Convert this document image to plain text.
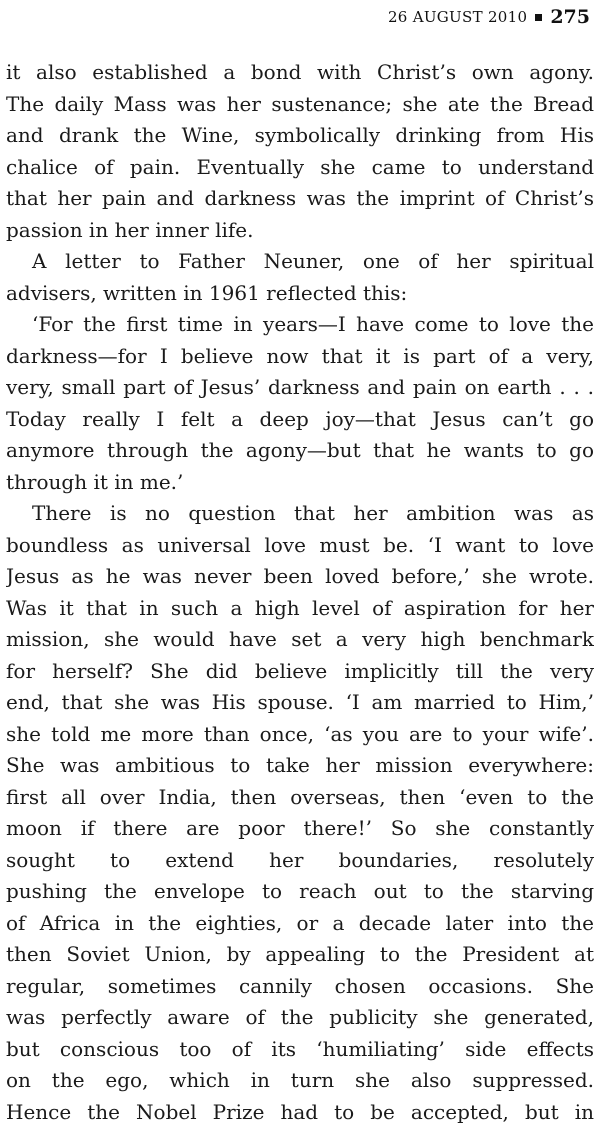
26 AUGUST 2010 275
it also established a bond with Christ’s own agony.
The daily Mass was her sustenance; she ate the Bread
and drank the Wine, symbolically drinking from His
chalice of pain. Eventually she came to understand
that her pain and darkness was the imprint of Christ’s
passion in her inner life.
A letter to Father Neuner, one of her spiritual
advisers, written in 1961 reflected this:
‘For the first time in years—I have come to love the
darkness—for I believe now that it is part of a very,
very, small part of Jesus’ darkness and pain on earth . . .
Today really I felt a deep joy—that Jesus can’t go
anymore through the agony—but that he wants to go
through it in me.’
There is no question that her ambition was as
boundless as universal love must be. ‘I want to love
Jesus as he was never been loved before,’ she wrote.
Was it that in such a high level of aspiration for her
mission, she would have set a very high benchmark
for herself? She did believe implicitly till the very
end, that she was His spouse. ‘I am married to Him,’
she told me more than once, ‘as you are to your wife’.
She was ambitious to take her mission everywhere:
first all over India, then overseas, then ‘even to the
moon if there are poor there!’ So she constantly
sought to extend her boundaries, resolutely
pushing the envelope to reach out to the starving
of Africa in the eighties, or a decade later into the
then Soviet Union, by appealing to the President at
regular, sometimes cannily chosen occasions. She
was perfectly aware of the publicity she generated,
but conscious too of its ‘humiliating’ side effects
on the ego, which in turn she also suppressed.
Hence the Nobel Prize had to be accepted, but in
